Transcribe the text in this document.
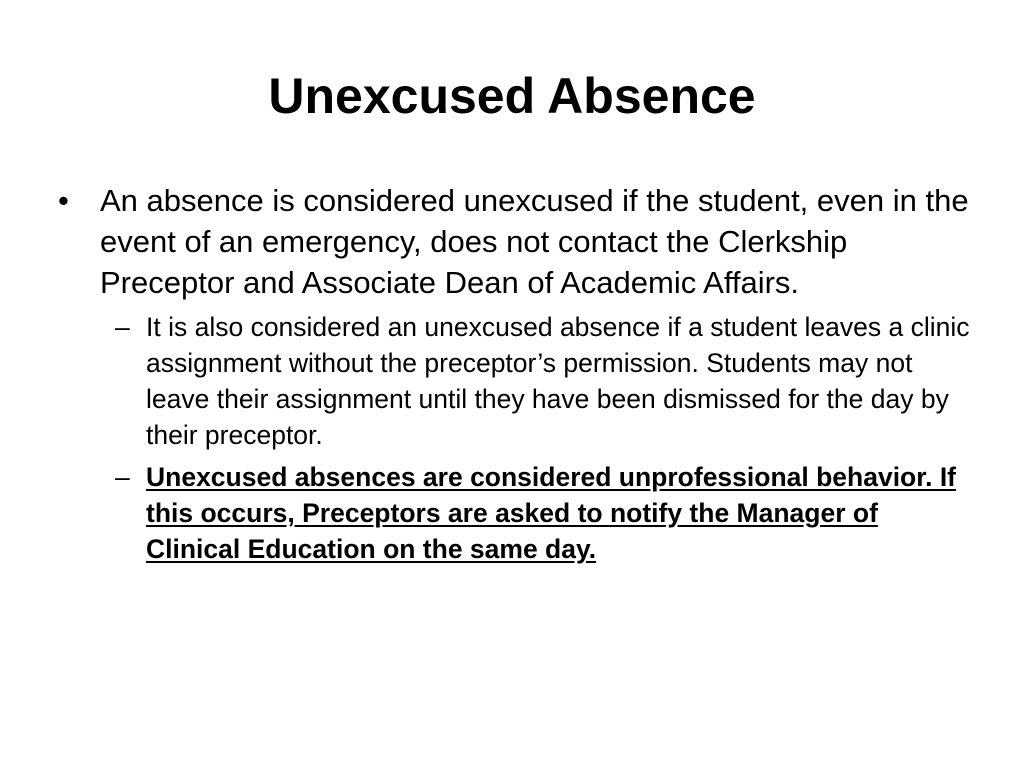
Unexcused Absence
• An absence is considered unexcused if the student, even in the event of an emergency, does not contact the Clerkship Preceptor and Associate Dean of Academic Affairs.
– It is also considered an unexcused absence if a student leaves a clinic assignment without the preceptor’s permission. Students may not leave their assignment until they have been dismissed for the day by their preceptor.
– Unexcused absences are considered unprofessional behavior. If this occurs, Preceptors are asked to notify the Manager of Clinical Education on the same day.
